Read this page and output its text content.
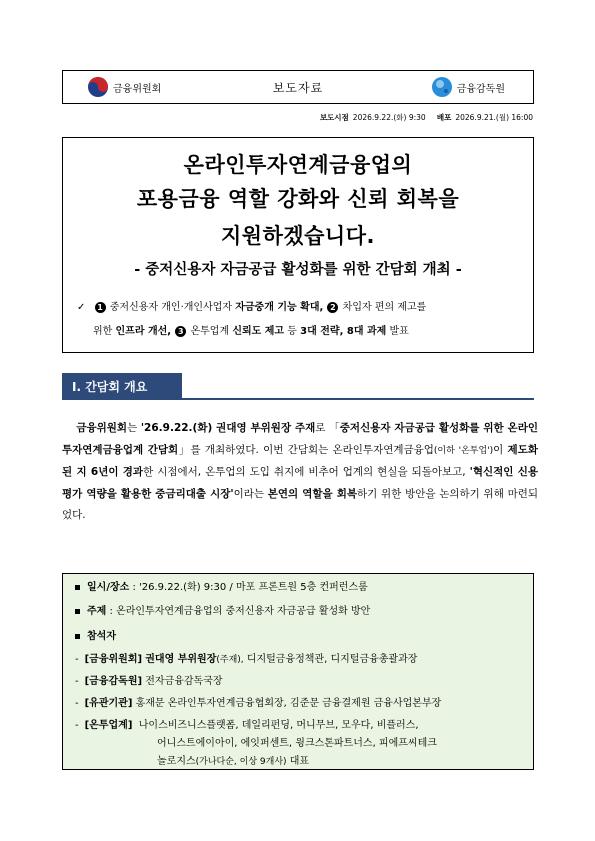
금융위원회	보도자료	금융감독원
보도시점 2026.9.22.(화) 9:30 배포 2026.9.21.(월) 16:00
온라인투자연계금융업의
포용금융 역할 강화와 신뢰 회복을
지원하겠습니다.
- 중저신용자 자금공급 활성화를 위한 간담회 개최 -
✓ 1 중저신용자 개인·개인사업자 자금중개 기능 확대, 2 차입자 편의 제고를
위한 인프라 개선, 3 온투업계 신뢰도 제고 등 3대 전략, 8대 과제 발표
Ⅰ. 간담회 개요

금융위원회는 '26.9.22.(화) 권대영 부위원장 주재로 「중저신용자 자금공급 활성화를 위한 온라인투자연계금융업계 간담회」를 개최하였다. 이번 간담회는 온라인투자연계금융업(이하 '온투업')이 제도화된 지 6년이 경과한 시점에서, 온투업의 도입 취지에 비추어 업계의 현실을 되돌아보고, '혁신적인 신용평가 역량을 활용한 중금리대출 시장'이라는 본연의 역할을 회복하기 위한 방안을 논의하기 위해 마련되었다.

일시/장소 : '26.9.22.(화) 9:30 / 마포 프론트원 5층 컨퍼런스룸
주제 : 온라인투자연계금융업의 중저신용자 자금공급 활성화 방안
참석자
- [금융위원회] 권대영 부위원장(주재), 디지털금융정책관, 디지털금융총괄과장
- [금융감독원] 전자금융감독국장
- [유관기관] 홍재문 온라인투자연계금융협회장, 김준문 금융결제원 금융사업본부장
- [온투업계] 나이스비즈니스플랫폼, 데일리펀딩, 머니무브, 모우다, 비플러스,
어니스트에이아이, 에잇퍼센트, 윙크스톤파트너스, 피에프씨테크
놀로지스(가나다순, 이상 9개사) 대표
